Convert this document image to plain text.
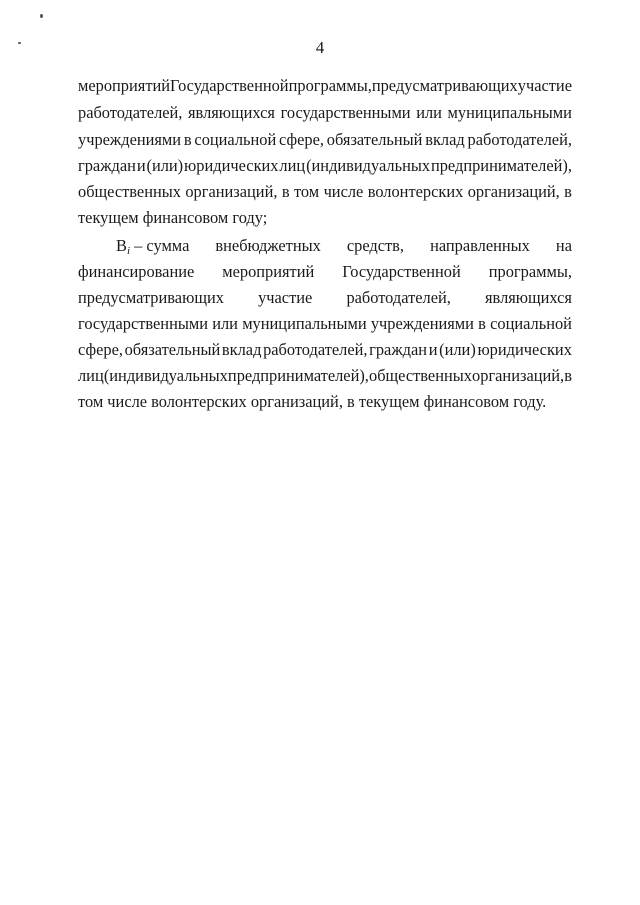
4
мероприятий Государственной программы, предусматривающих участие
работодателей, являющихся государственными или муниципальными
учреждениями в социальной сфере, обязательный вклад работодателей,
граждан и (или) юридических лиц (индивидуальных предпринимателей),
общественных организаций, в том числе волонтерских организаций, в
текущем финансовом году;
$B_i$ – сумма внебюджетных средств, направленных на
финансирование мероприятий Государственной программы,
предусматривающих участие работодателей, являющихся
государственными или муниципальными учреждениями в социальной
сфере, обязательный вклад работодателей, граждан и (или) юридических
лиц (индивидуальных предпринимателей), общественных организаций, в
том числе волонтерских организаций, в текущем финансовом году.
